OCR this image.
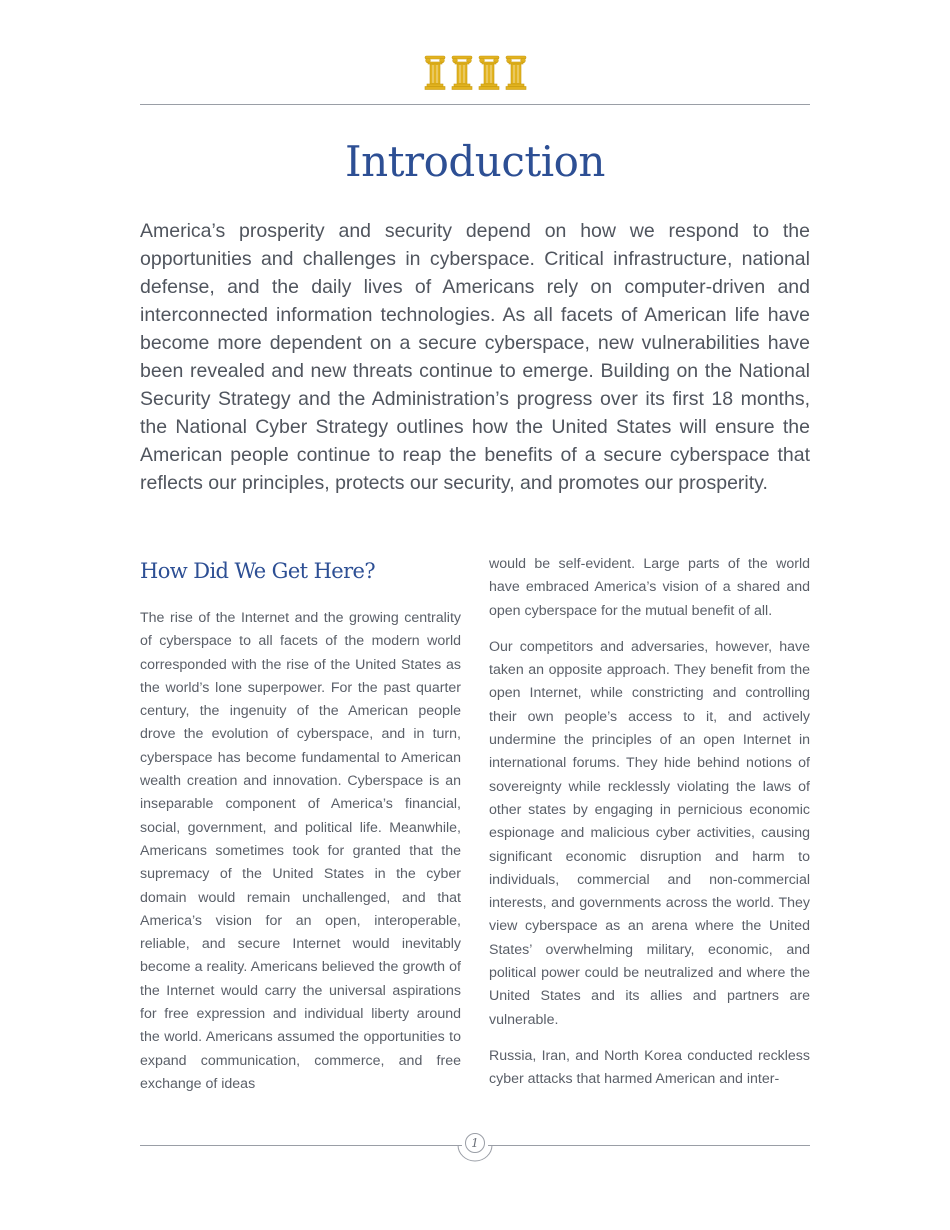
Introduction

America’s prosperity and security depend on how we respond to the opportunities and challenges in cyberspace. Critical infrastructure, national defense, and the daily lives of Americans rely on computer-driven and interconnected information technologies. As all facets of American life have become more dependent on a secure cyberspace, new vulnerabilities have been revealed and new threats continue to emerge. Building on the National Security Strategy and the Administration’s progress over its first 18 months, the National Cyber Strategy outlines how the United States will ensure the American people continue to reap the benefits of a secure cyberspace that reflects our principles, protects our security, and promotes our prosperity.

How Did We Get Here?

The rise of the Internet and the growing centrality of cyberspace to all facets of the modern world corresponded with the rise of the United States as the world’s lone superpower. For the past quarter century, the ingenuity of the American people drove the evolution of cyberspace, and in turn, cyberspace has become fundamental to American wealth creation and innovation. Cyberspace is an inseparable component of America’s financial, social, government, and political life. Meanwhile, Americans sometimes took for granted that the supremacy of the United States in the cyber domain would remain unchallenged, and that America’s vision for an open, interoperable, reliable, and secure Internet would inevitably become a reality. Americans believed the growth of the Internet would carry the universal aspirations for free expression and individual liberty around the world. Americans assumed the opportunities to expand communication, commerce, and free exchange of ideas

would be self-evident. Large parts of the world have embraced America’s vision of a shared and open cyberspace for the mutual benefit of all.

Our competitors and adversaries, however, have taken an opposite approach. They benefit from the open Internet, while constricting and controlling their own people’s access to it, and actively undermine the principles of an open Internet in international forums. They hide behind notions of sovereignty while recklessly violating the laws of other states by engaging in pernicious economic espionage and malicious cyber activities, causing significant economic disruption and harm to individuals, commercial and non-commercial interests, and governments across the world. They view cyberspace as an arena where the United States’ overwhelming military, economic, and political power could be neutralized and where the United States and its allies and partners are vulnerable.

Russia, Iran, and North Korea conducted reckless cyber attacks that harmed American and inter-

1
